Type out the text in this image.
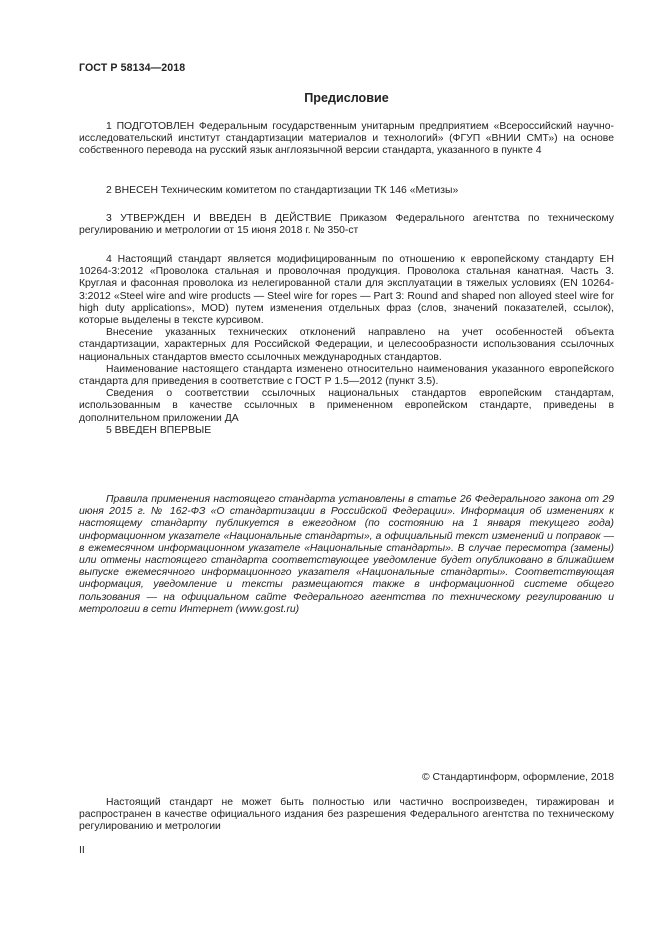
ГОСТ Р 58134—2018
Предисловие

1 ПОДГОТОВЛЕН Федеральным государственным унитарным предприятием «Всероссийский научно-исследовательский институт стандартизации материалов и технологий» (ФГУП «ВНИИ СМТ») на основе собственного перевода на русский язык англоязычной версии стандарта, указанного в пункте 4

2 ВНЕСЕН Техническим комитетом по стандартизации ТК 146 «Метизы»

3 УТВЕРЖДЕН И ВВЕДЕН В ДЕЙСТВИЕ Приказом Федерального агентства по техническому регулированию и метрологии от 15 июня 2018 г. № 350-ст

4 Настоящий стандарт является модифицированным по отношению к европейскому стандарту ЕН 10264-3:2012 «Проволока стальная и проволочная продукция. Проволока стальная канатная. Часть 3. Круглая и фасонная проволока из нелегированной стали для эксплуатации в тяжелых условиях (EN 10264-3:2012 «Steel wire and wire products — Steel wire for ropes — Part 3: Round and shaped non alloyed steel wire for high duty applications», MOD) путем изменения отдельных фраз (слов, значений показателей, ссылок), которые выделены в тексте курсивом.

Внесение указанных технических отклонений направлено на учет особенностей объекта стандартизации, характерных для Российской Федерации, и целесообразности использования ссылочных национальных стандартов вместо ссылочных международных стандартов.

Наименование настоящего стандарта изменено относительно наименования указанного европейского стандарта для приведения в соответствие с ГОСТ Р 1.5—2012 (пункт 3.5).

Сведения о соответствии ссылочных национальных стандартов европейским стандартам, использованным в качестве ссылочных в примененном европейском стандарте, приведены в дополнительном приложении ДА

5 ВВЕДЕН ВПЕРВЫЕ

Правила применения настоящего стандарта установлены в статье 26 Федерального закона от 29 июня 2015 г. № 162-ФЗ «О стандартизации в Российской Федерации». Информация об изменениях к настоящему стандарту публикуется в ежегодном (по состоянию на 1 января текущего года) информационном указателе «Национальные стандарты», а официальный текст изменений и поправок — в ежемесячном информационном указателе «Национальные стандарты». В случае пересмотра (замены) или отмены настоящего стандарта соответствующее уведомление будет опубликовано в ближайшем выпуске ежемесячного информационного указателя «Национальные стандарты». Соответствующая информация, уведомление и тексты размещаются также в информационной системе общего пользования — на официальном сайте Федерального агентства по техническому регулированию и метрологии в сети Интернет (www.gost.ru)

© Стандартинформ, оформление, 2018

Настоящий стандарт не может быть полностью или частично воспроизведен, тиражирован и распространен в качестве официального издания без разрешения Федерального агентства по техническому регулированию и метрологии

II
